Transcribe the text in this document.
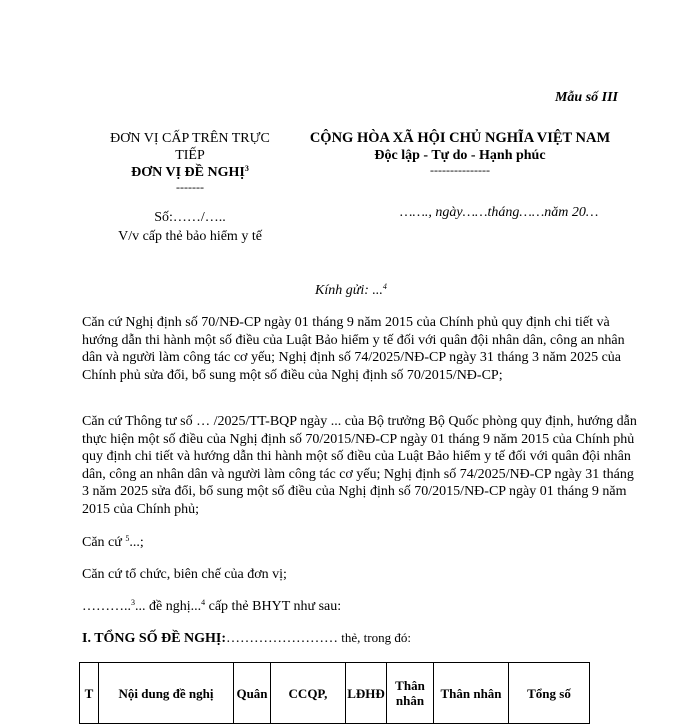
Mẫu số III
ĐƠN VỊ CẤP TRÊN TRỰC TIẾP
ĐƠN VỊ ĐỀ NGHỊ$^3$
-------
Số:……/…..
V/v cấp thẻ bảo hiểm y tế
CỘNG HÒA XÃ HỘI CHỦ NGHĨA VIỆT NAM
Độc lập - Tự do - Hạnh phúc
---------------
……., ngày……tháng……năm 20…
Kính gửi: ...$^4$
Căn cứ Nghị định số 70/NĐ-CP ngày 01 tháng 9 năm 2015 của Chính phủ quy định chi tiết và hướng dẫn thi hành một số điều của Luật Bảo hiểm y tế đối với quân đội nhân dân, công an nhân dân và người làm công tác cơ yếu; Nghị định số 74/2025/NĐ-CP ngày 31 tháng 3 năm 2025 của Chính phủ sửa đổi, bổ sung một số điều của Nghị định số 70/2015/NĐ-CP;
Căn cứ Thông tư số … /2025/TT-BQP ngày ... của Bộ trưởng Bộ Quốc phòng quy định, hướng dẫn thực hiện một số điều của Nghị định số 70/2015/NĐ-CP ngày 01 tháng 9 năm 2015 của Chính phủ quy định chi tiết và hướng dẫn thi hành một số điều của Luật Bảo hiểm y tế đối với quân đội nhân dân, công an nhân dân và người làm công tác cơ yếu; Nghị định số 74/2025/NĐ-CP ngày 31 tháng 3 năm 2025 sửa đổi, bổ sung một số điều của Nghị định số 70/2015/NĐ-CP ngày 01 tháng 9 năm 2015 của Chính phủ;
Căn cứ $^5$...;
Căn cứ tổ chức, biên chế của đơn vị;
………..$^3$... đề nghị...$^4$ cấp thẻ BHYT như sau:
I. TỔNG SỐ ĐỀ NGHỊ:…………………… thẻ, trong đó:
T	Nội dung đề nghị	Quân	CCQP,	LĐHĐ	Thân nhân	Thân nhân	Tổng số
